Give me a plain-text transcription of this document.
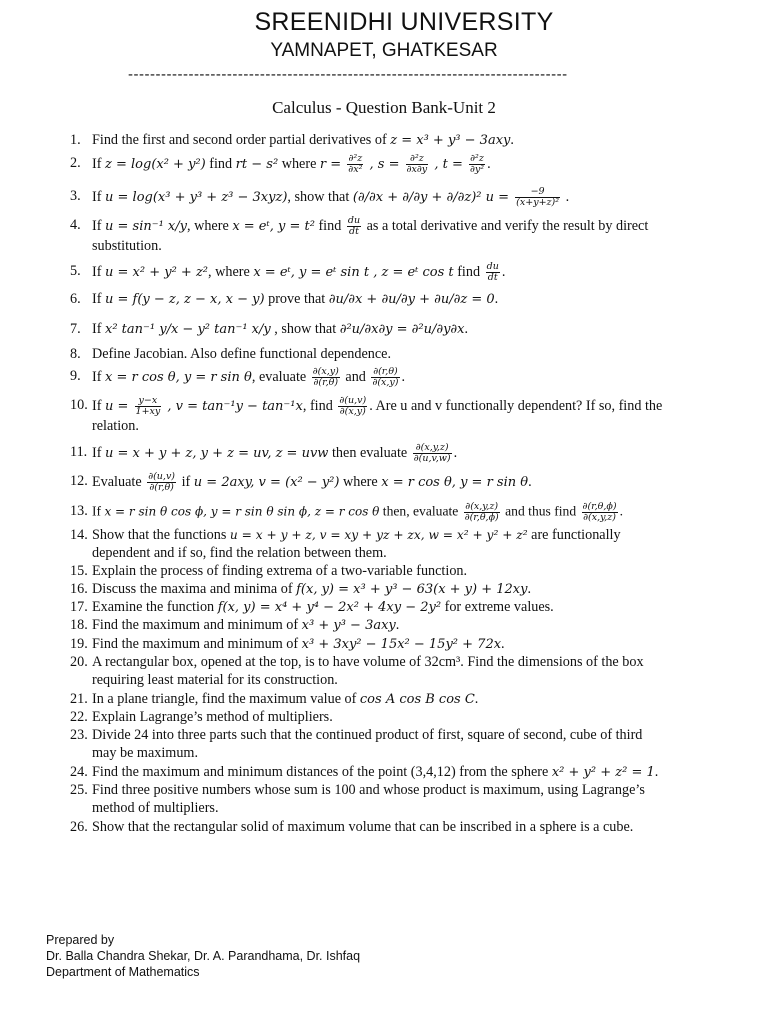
SREENIDHI UNIVERSITY
YAMNAPET, GHATKESAR
--------------------------------------------------------------------------------
Calculus - Question Bank-Unit 2
1. Find the first and second order partial derivatives of z = x³ + y³ − 3axy.
2. If z = log(x² + y²) find rt − s² where $r = \frac{\text{∂²z}}{\text{∂x²}}$ , $s = \frac{\text{∂²z}}{\partial x\partial y}$ , $t = \frac{\text{∂²z}}{\text{∂y²}}$ .
3. If u = log(x³ + y³ + z³ − 3xyz), show that (∂/∂x + ∂/∂y + ∂/∂z)² $u = \frac{-9}{\text{(x+y+z)²}}$ .
4. If u = sin⁻¹ x/y, where x = eᵗ, y = t² find $\frac{du}{dt}$ as a total derivative and verify the result by direct
substitution.
5. If u = x² + y² + z², where x = eᵗ, y = eᵗ sin t , z = eᵗ cos t find $\frac{du}{dt}$ .
6. If u = f(y − z, z − x, x − y) prove that ∂u/∂x + ∂u/∂y + ∂u/∂z = 0.
7. If x² tan⁻¹ y/x − y² tan⁻¹ x/y , show that ∂²u/∂x∂y = ∂²u/∂y∂x.
8. Define Jacobian. Also define functional dependence.
9. If x = r cos θ, y = r sin θ, evaluate $\frac{\partial(x,y)}{\partial(r,\theta)}$ and $\frac{\partial(r,\theta)}{\partial(x,y)}$ .
10. If $u = \frac{y-x}{1+xy}$ , v = tan⁻¹y − tan⁻¹x, find $\frac{\partial(u,v)}{\partial(x,y)}$ . Are u and v functionally dependent? If so, find the
relation.
11. If u = x + y + z, y + z = uv, z = uvw then evaluate $\frac{\partial(x,y,z)}{\partial(u,v,w)}$ .
12. Evaluate $\frac{\partial(u,v)}{\partial(r,\theta)}$ if u = 2axy, v = (x² − y²) where x = r cos θ, y = r sin θ.
13. If x = r sin θ cos ϕ, y = r sin θ sin ϕ, z = r cos θ then, evaluate $\frac{\partial(x,y,z)}{\partial(r,\theta,\phi)}$ and thus find $\frac{\partial(r,\theta,\phi)}{\partial(x,y,z)}$ .
14. Show that the functions u = x + y + z, v = xy + yz + zx, w = x² + y² + z² are functionally
dependent and if so, find the relation between them.
15. Explain the process of finding extrema of a two-variable function.
16. Discuss the maxima and minima of f(x, y) = x³ + y³ − 63(x + y) + 12xy.
17. Examine the function f(x, y) = x⁴ + y⁴ − 2x² + 4xy − 2y² for extreme values.
18. Find the maximum and minimum of x³ + y³ − 3axy.
19. Find the maximum and minimum of x³ + 3xy² − 15x² − 15y² + 72x.
20. A rectangular box, opened at the top, is to have volume of 32cm³. Find the dimensions of the box
requiring least material for its construction.
21. In a plane triangle, find the maximum value of cos A cos B cos C.
22. Explain Lagrange’s method of multipliers.
23. Divide 24 into three parts such that the continued product of first, square of second, cube of third
may be maximum.
24. Find the maximum and minimum distances of the point (3,4,12) from the sphere x² + y² + z² = 1.
25. Find three positive numbers whose sum is 100 and whose product is maximum, using Lagrange’s
method of multipliers.
26. Show that the rectangular solid of maximum volume that can be inscribed in a sphere is a cube.
Prepared by
Dr. Balla Chandra Shekar, Dr. A. Parandhama, Dr. Ishfaq
Department of Mathematics
